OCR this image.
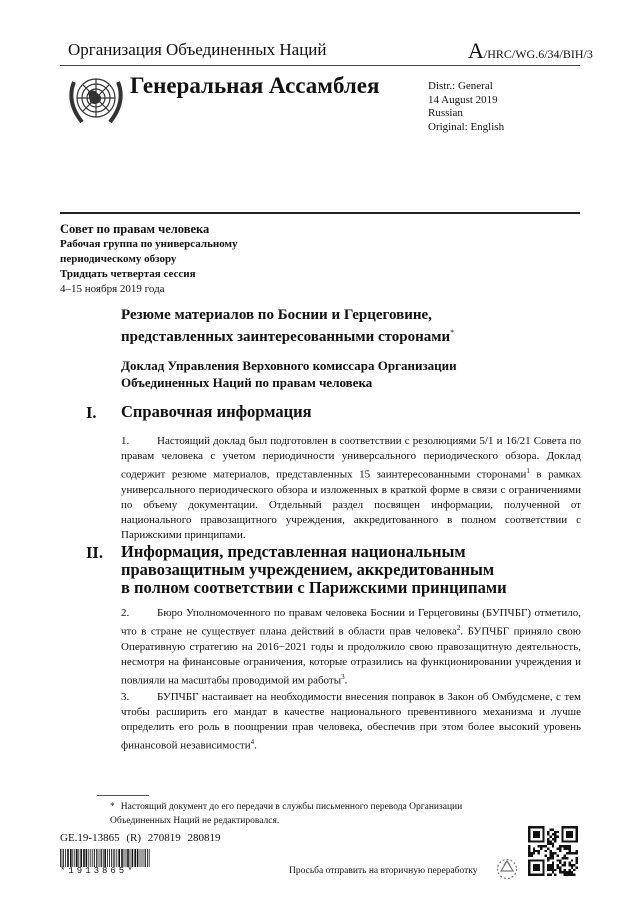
Организация Объединенных Наций	A/HRC/WG.6/34/BIH/3
Генеральная Ассамблея	Distr.: General
14 August 2019
Russian
Original: English
Совет по правам человека
Рабочая группа по универсальному
периодическому обзору
Тридцать четвертая сессия
4–15 ноября 2019 года
Резюме материалов по Боснии и Герцеговине,
представленных заинтересованными сторонами*
Доклад Управления Верховного комиссара Организации
Объединенных Наций по правам человека
I. Справочная информация
1.	Настоящий доклад был подготовлен в соответствии с резолюциями 5/1 и 16/21 Совета по правам человека с учетом периодичности универсального периодического обзора. Доклад содержит резюме материалов, представленных 15 заинтересованными сторонами$^1$ в рамках универсального периодического обзора и изложенных в краткой форме в связи с ограничениями по объему документации. Отдельный раздел посвящен информации, полученной от национального правозащитного учреждения, аккредитованного в полном соответствии с Парижскими принципами.
II. Информация, представленная национальным
правозащитным учреждением, аккредитованным
в полном соответствии с Парижскими принципами
2.	Бюро Уполномоченного по правам человека Боснии и Герцеговины (БУПЧБГ) отметило, что в стране не существует плана действий в области прав человека$^2$. БУПЧБГ приняло свою Оперативную стратегию на 2016−2021 годы и продолжило свою правозащитную деятельность, несмотря на финансовые ограничения, которые отразились на функционировании учреждения и повлияли на масштабы проводимой им работы$^3$.
3.	БУПЧБГ настаивает на необходимости внесения поправок в Закон об Омбудсмене, с тем чтобы расширить его мандат в качестве национального превентивного механизма и лучше определить его роль в поощрении прав человека, обеспечив при этом более высокий уровень финансовой независимости$^4$.
* Настоящий документ до его передачи в службы письменного перевода Организации Объединенных Наций не редактировался.
GE.19-13865 (R) 270819 280819
*1913865*	Просьба отправить на вторичную переработку
